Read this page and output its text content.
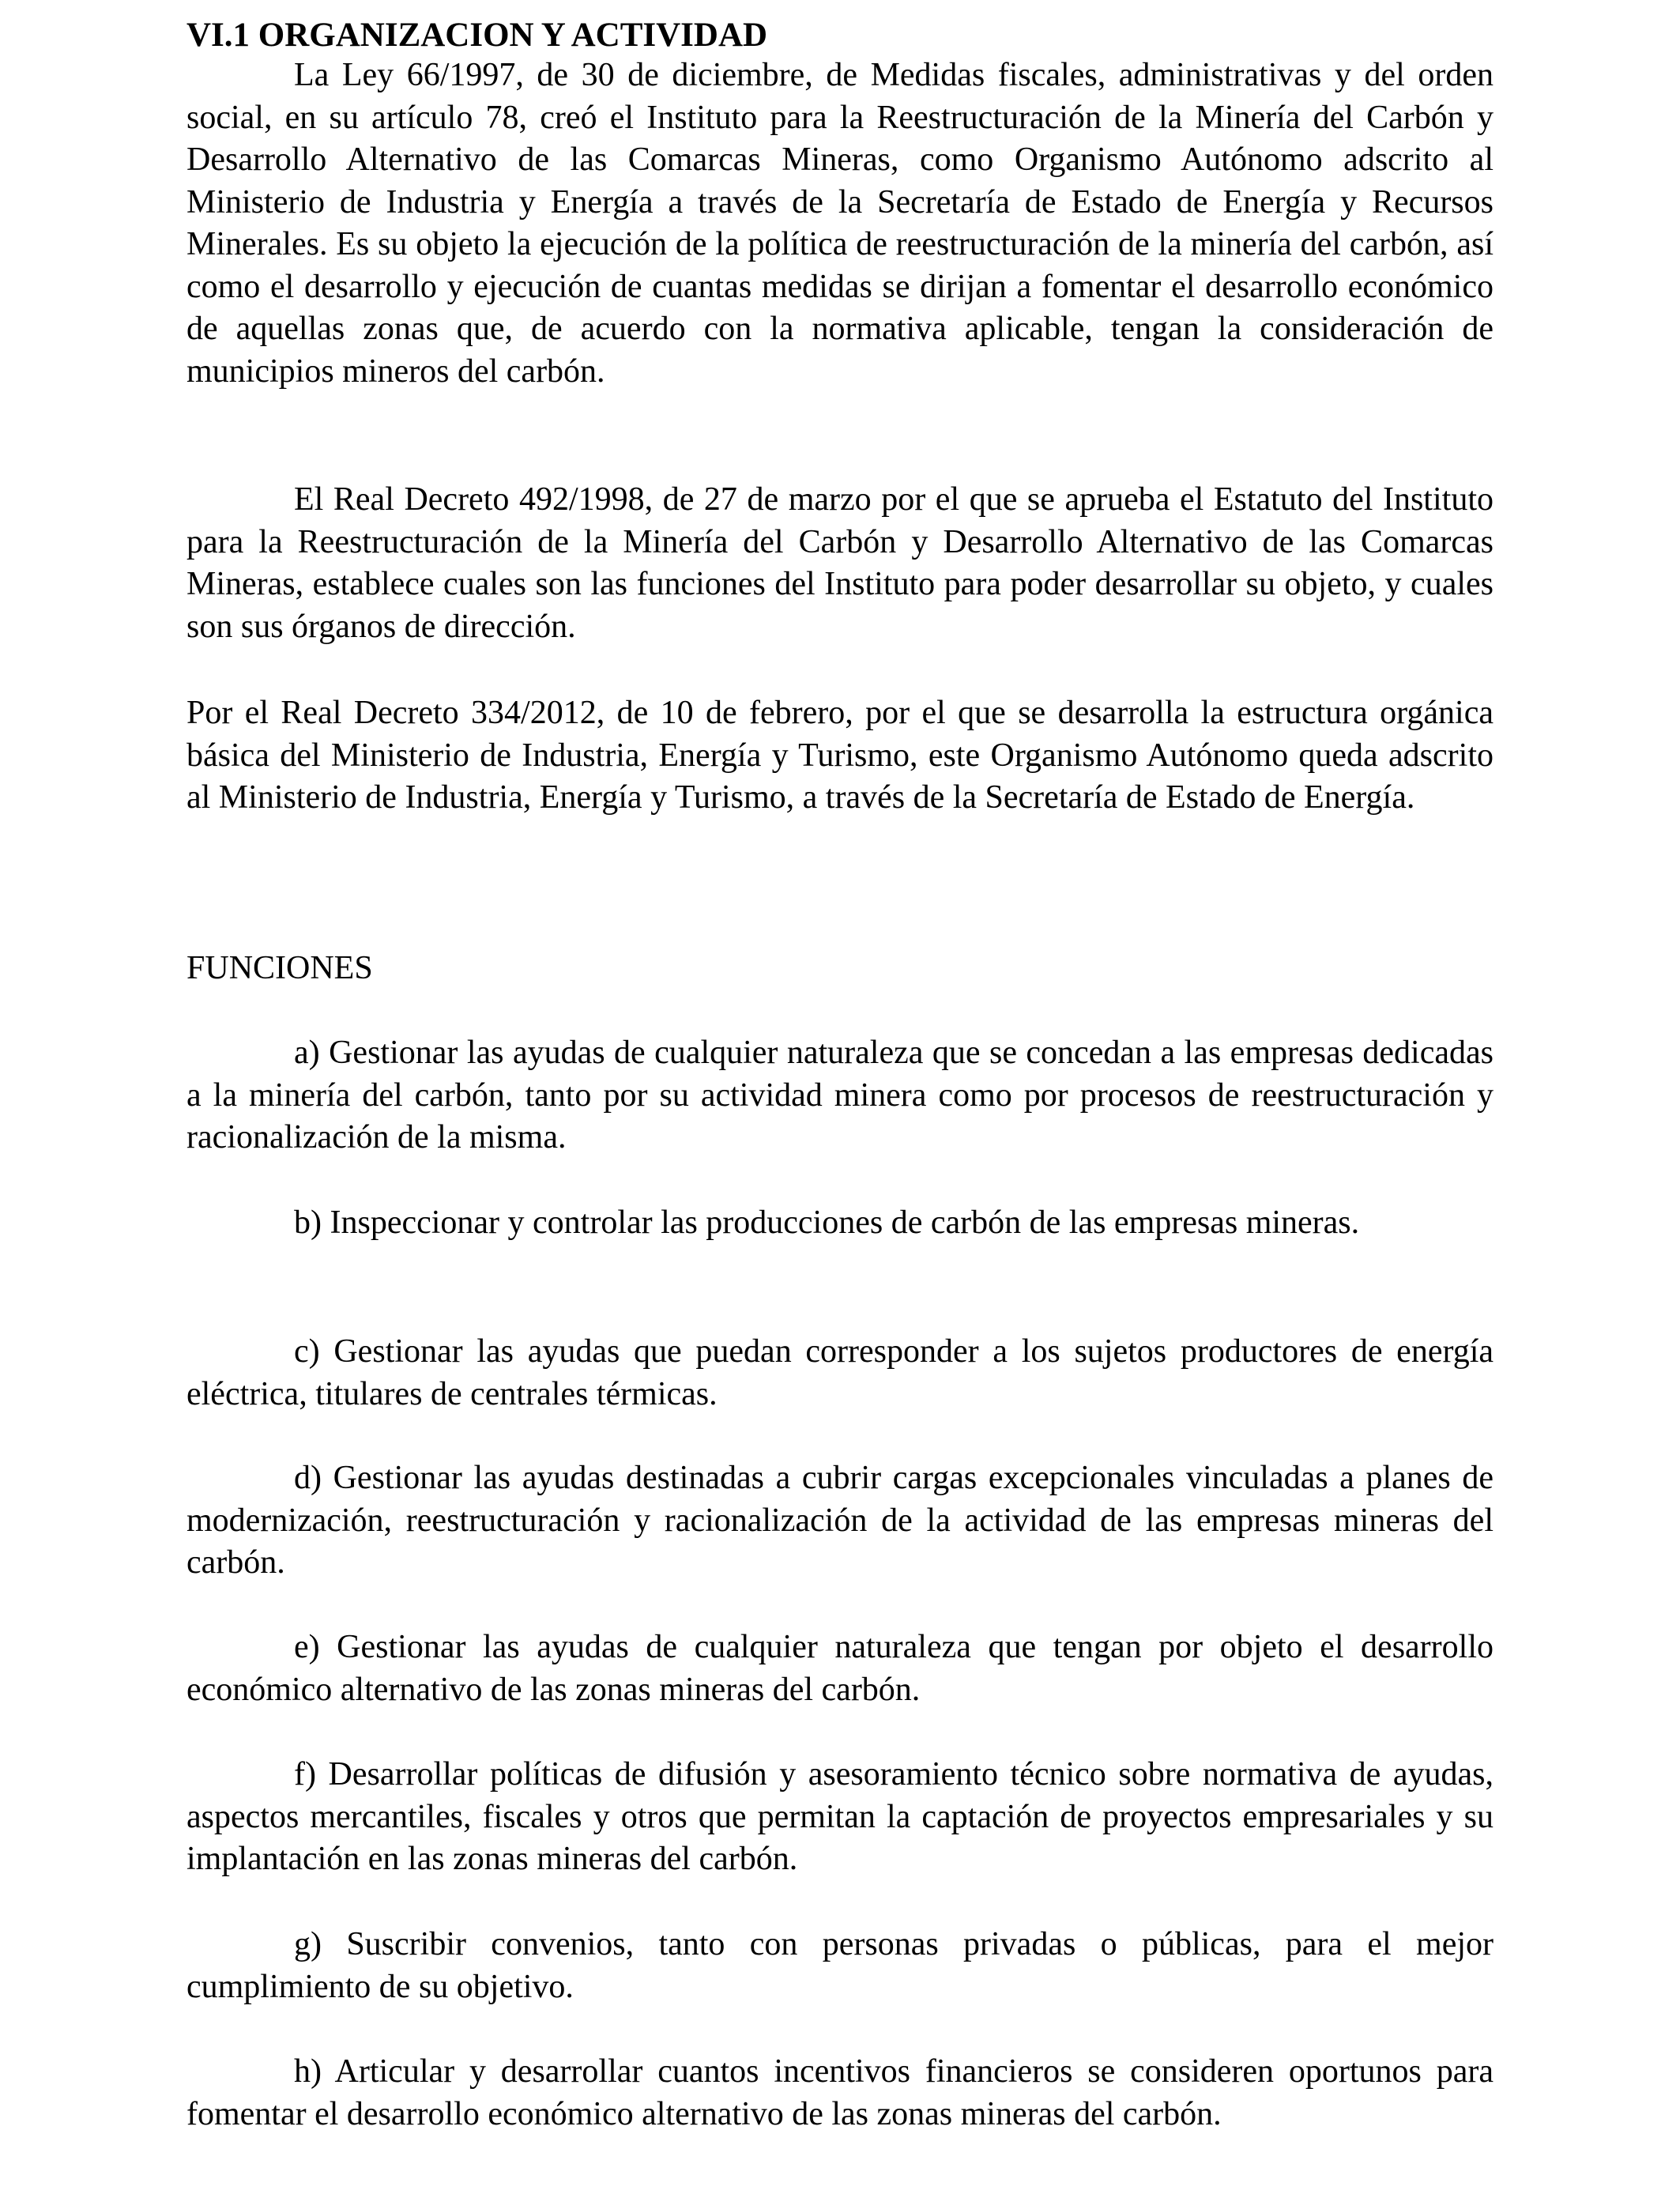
VI.1 ORGANIZACION Y ACTIVIDAD

La Ley 66/1997, de 30 de diciembre, de Medidas fiscales, administrativas y del orden social, en su artículo 78, creó el Instituto para la Reestructuración de la Minería del Carbón y Desarrollo Alternativo de las Comarcas Mineras, como Organismo Autónomo adscrito al Ministerio de Industria y Energía a través de la Secretaría de Estado de Energía y Recursos Minerales. Es su objeto la ejecución de la política de reestructuración de la minería del carbón, así como el desarrollo y ejecución de cuantas medidas se dirijan a fomentar el desarrollo económico de aquellas zonas que, de acuerdo con la normativa aplicable, tengan la consideración de municipios mineros del carbón.

El Real Decreto 492/1998, de 27 de marzo por el que se aprueba el Estatuto del Instituto para la Reestructuración de la Minería del Carbón y Desarrollo Alternativo de las Comarcas Mineras, establece cuales son las funciones del Instituto para poder desarrollar su objeto, y cuales son sus órganos de dirección.

Por el Real Decreto 334/2012, de 10 de febrero, por el que se desarrolla la estructura orgánica básica del Ministerio de Industria, Energía y Turismo, este Organismo Autónomo queda adscrito al Ministerio de Industria, Energía y Turismo, a través de la Secretaría de Estado de Energía.

FUNCIONES

a) Gestionar las ayudas de cualquier naturaleza que se concedan a las empresas dedicadas a la minería del carbón, tanto por su actividad minera como por procesos de reestructuración y racionalización de la misma.

b) Inspeccionar y controlar las producciones de carbón de las empresas mineras.

c) Gestionar las ayudas que puedan corresponder a los sujetos productores de energía eléctrica, titulares de centrales térmicas.

d) Gestionar las ayudas destinadas a cubrir cargas excepcionales vinculadas a planes de modernización, reestructuración y racionalización de la actividad de las empresas mineras del carbón.

e) Gestionar las ayudas de cualquier naturaleza que tengan por objeto el desarrollo económico alternativo de las zonas mineras del carbón.

f) Desarrollar políticas de difusión y asesoramiento técnico sobre normativa de ayudas, aspectos mercantiles, fiscales y otros que permitan la captación de proyectos empresariales y su implantación en las zonas mineras del carbón.

g) Suscribir convenios, tanto con personas privadas o públicas, para el mejor cumplimiento de su objetivo.

h) Articular y desarrollar cuantos incentivos financieros se consideren oportunos para fomentar el desarrollo económico alternativo de las zonas mineras del carbón.
